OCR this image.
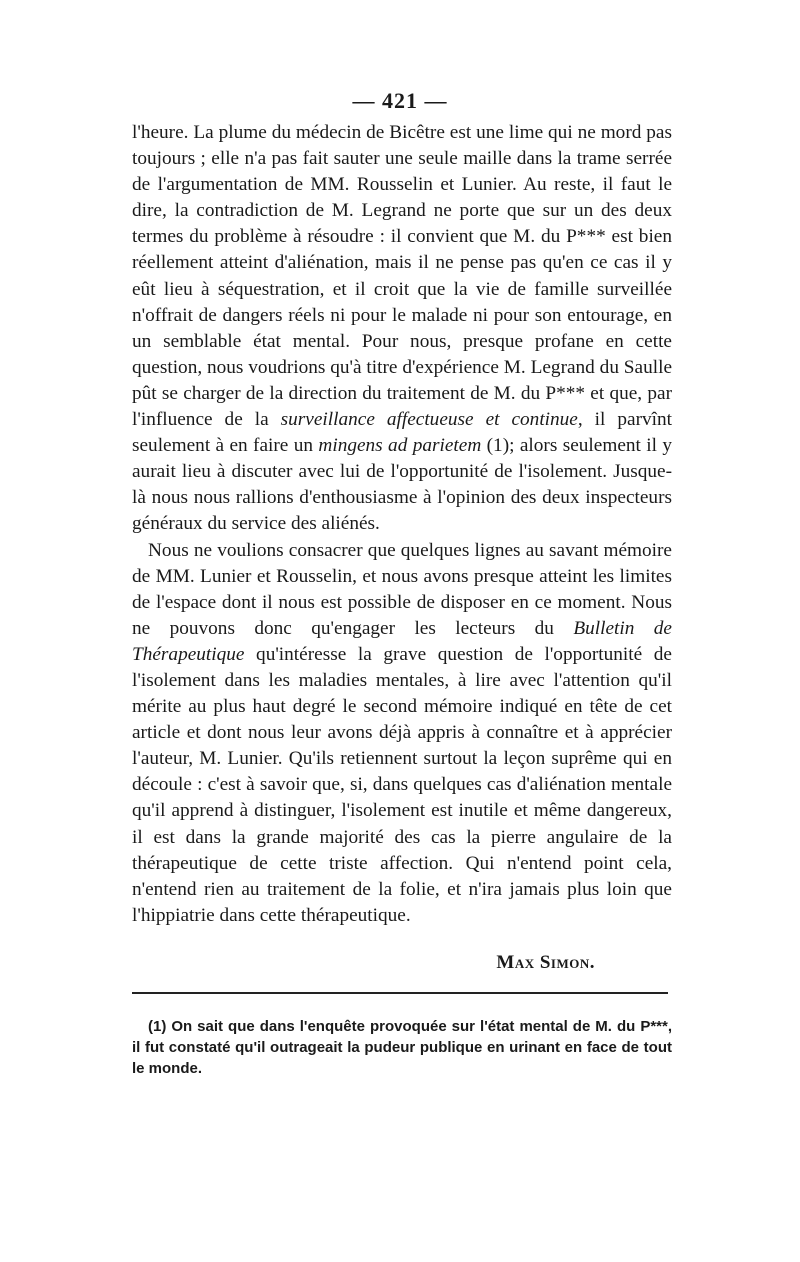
— 421 —

l'heure. La plume du médecin de Bicêtre est une lime qui ne mord pas toujours ; elle n'a pas fait sauter une seule maille dans la trame serrée de l'argumentation de MM. Rousselin et Lunier. Au reste, il faut le dire, la contradiction de M. Legrand ne porte que sur un des deux termes du problème à résoudre : il convient que M. du P*** est bien réellement atteint d'aliénation, mais il ne pense pas qu'en ce cas il y eût lieu à séquestration, et il croit que la vie de famille surveillée n'offrait de dangers réels ni pour le malade ni pour son entourage, en un semblable état mental. Pour nous, presque profane en cette question, nous voudrions qu'à titre d'expérience M. Legrand du Saulle pût se charger de la direction du traitement de M. du P*** et que, par l'influence de la surveillance affectueuse et continue, il parvînt seulement à en faire un mingens ad parietem (1); alors seulement il y aurait lieu à discuter avec lui de l'opportunité de l'isolement. Jusque-là nous nous rallions d'enthousiasme à l'opinion des deux inspecteurs généraux du service des aliénés.

Nous ne voulions consacrer que quelques lignes au savant mémoire de MM. Lunier et Rousselin, et nous avons presque atteint les limites de l'espace dont il nous est possible de disposer en ce moment. Nous ne pouvons donc qu'engager les lecteurs du Bulletin de Thérapeutique qu'intéresse la grave question de l'opportunité de l'isolement dans les maladies mentales, à lire avec l'attention qu'il mérite au plus haut degré le second mémoire indiqué en tête de cet article et dont nous leur avons déjà appris à connaître et à apprécier l'auteur, M. Lunier. Qu'ils retiennent surtout la leçon suprême qui en découle : c'est à savoir que, si, dans quelques cas d'aliénation mentale qu'il apprend à distinguer, l'isolement est inutile et même dangereux, il est dans la grande majorité des cas la pierre angulaire de la thérapeutique de cette triste affection. Qui n'entend point cela, n'entend rien au traitement de la folie, et n'ira jamais plus loin que l'hippiatrie dans cette thérapeutique.

Max Simon.

(1) On sait que dans l'enquête provoquée sur l'état mental de M. du P***, il fut constaté qu'il outrageait la pudeur publique en urinant en face de tout le monde.
